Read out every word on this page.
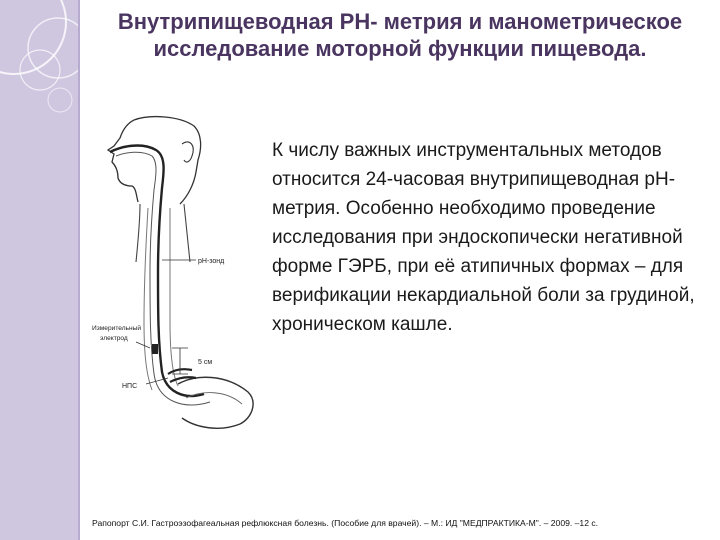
Внутрипищеводная РН- метрия и манометрическое исследование моторной функции пищевода.
pH-зонд
Измерительный
электрод
5 см
НПС
К числу важных инструментальных методов относится 24-часовая внутрипищеводная рН-метрия. Особенно необходимо проведение исследования при эндоскопически негативной форме ГЭРБ, при её атипичных формах – для верификации некардиальной боли за грудиной, хроническом кашле.
Рапопорт С.И. Гастроэзофагеальная рефлюксная болезнь. (Пособие для врачей). – М.: ИД "МЕДПРАКТИКА-М". – 2009. –12 с.
